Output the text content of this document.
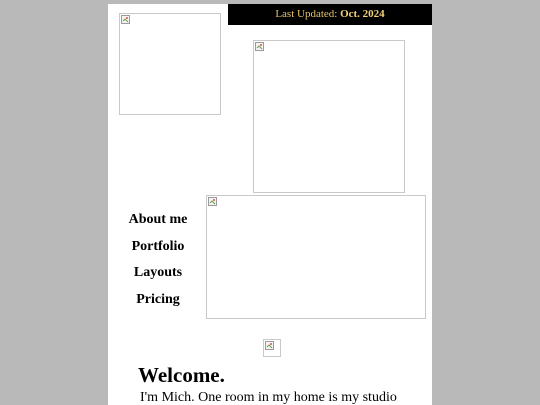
Last Updated: Oct. 2024
About me
Portfolio
Layouts
Pricing
Welcome.
I'm Mich. One room in my home is my studio
